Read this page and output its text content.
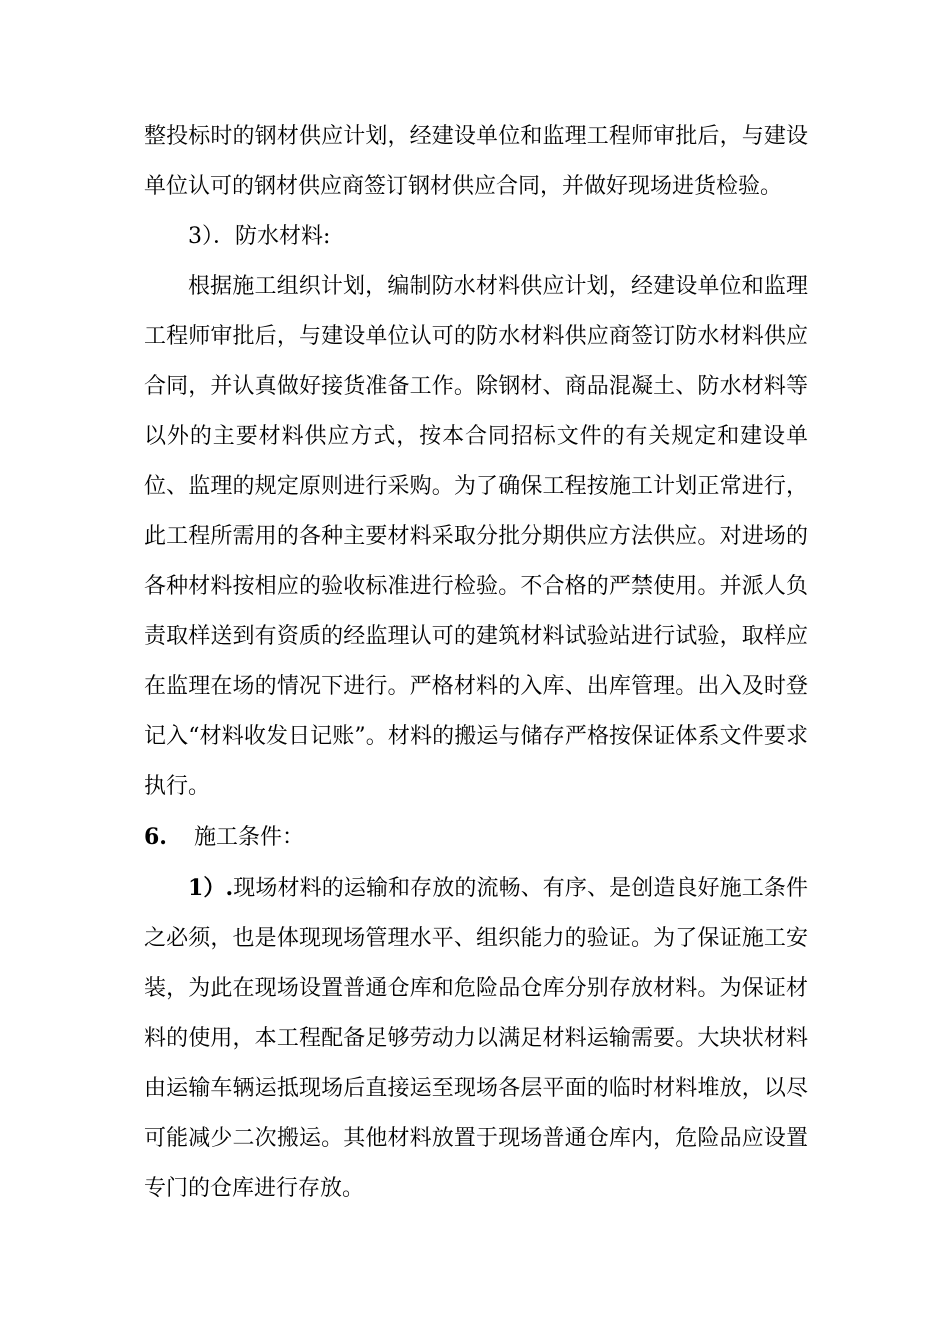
整投标时的钢材供应计划，经建设单位和监理工程师审批后，与建设单位认可的钢材供应商签订钢材供应合同，并做好现场进货检验。

3）．防水材料:

根据施工组织计划，编制防水材料供应计划，经建设单位和监理工程师审批后，与建设单位认可的防水材料供应商签订防水材料供应合同，并认真做好接货准备工作。除钢材、商品混凝土、防水材料等以外的主要材料供应方式，按本合同招标文件的有关规定和建设单位、监理的规定原则进行采购。为了确保工程按施工计划正常进行，此工程所需用的各种主要材料采取分批分期供应方法供应。对进场的各种材料按相应的验收标准进行检验。不合格的严禁使用。并派人负责取样送到有资质的经监理认可的建筑材料试验站进行试验，取样应在监理在场的情况下进行。严格材料的入库、出库管理。出入及时登记入“材料收发日记账”。材料的搬运与储存严格按保证体系文件要求执行。

6. 施工条件：

1）.现场材料的运输和存放的流畅、有序、是创造良好施工条件之必须，也是体现现场管理水平、组织能力的验证。为了保证施工安装，为此在现场设置普通仓库和危险品仓库分别存放材料。为保证材料的使用，本工程配备足够劳动力以满足材料运输需要。大块状材料由运输车辆运抵现场后直接运至现场各层平面的临时材料堆放，以尽可能减少二次搬运。其他材料放置于现场普通仓库内，危险品应设置专门的仓库进行存放。
